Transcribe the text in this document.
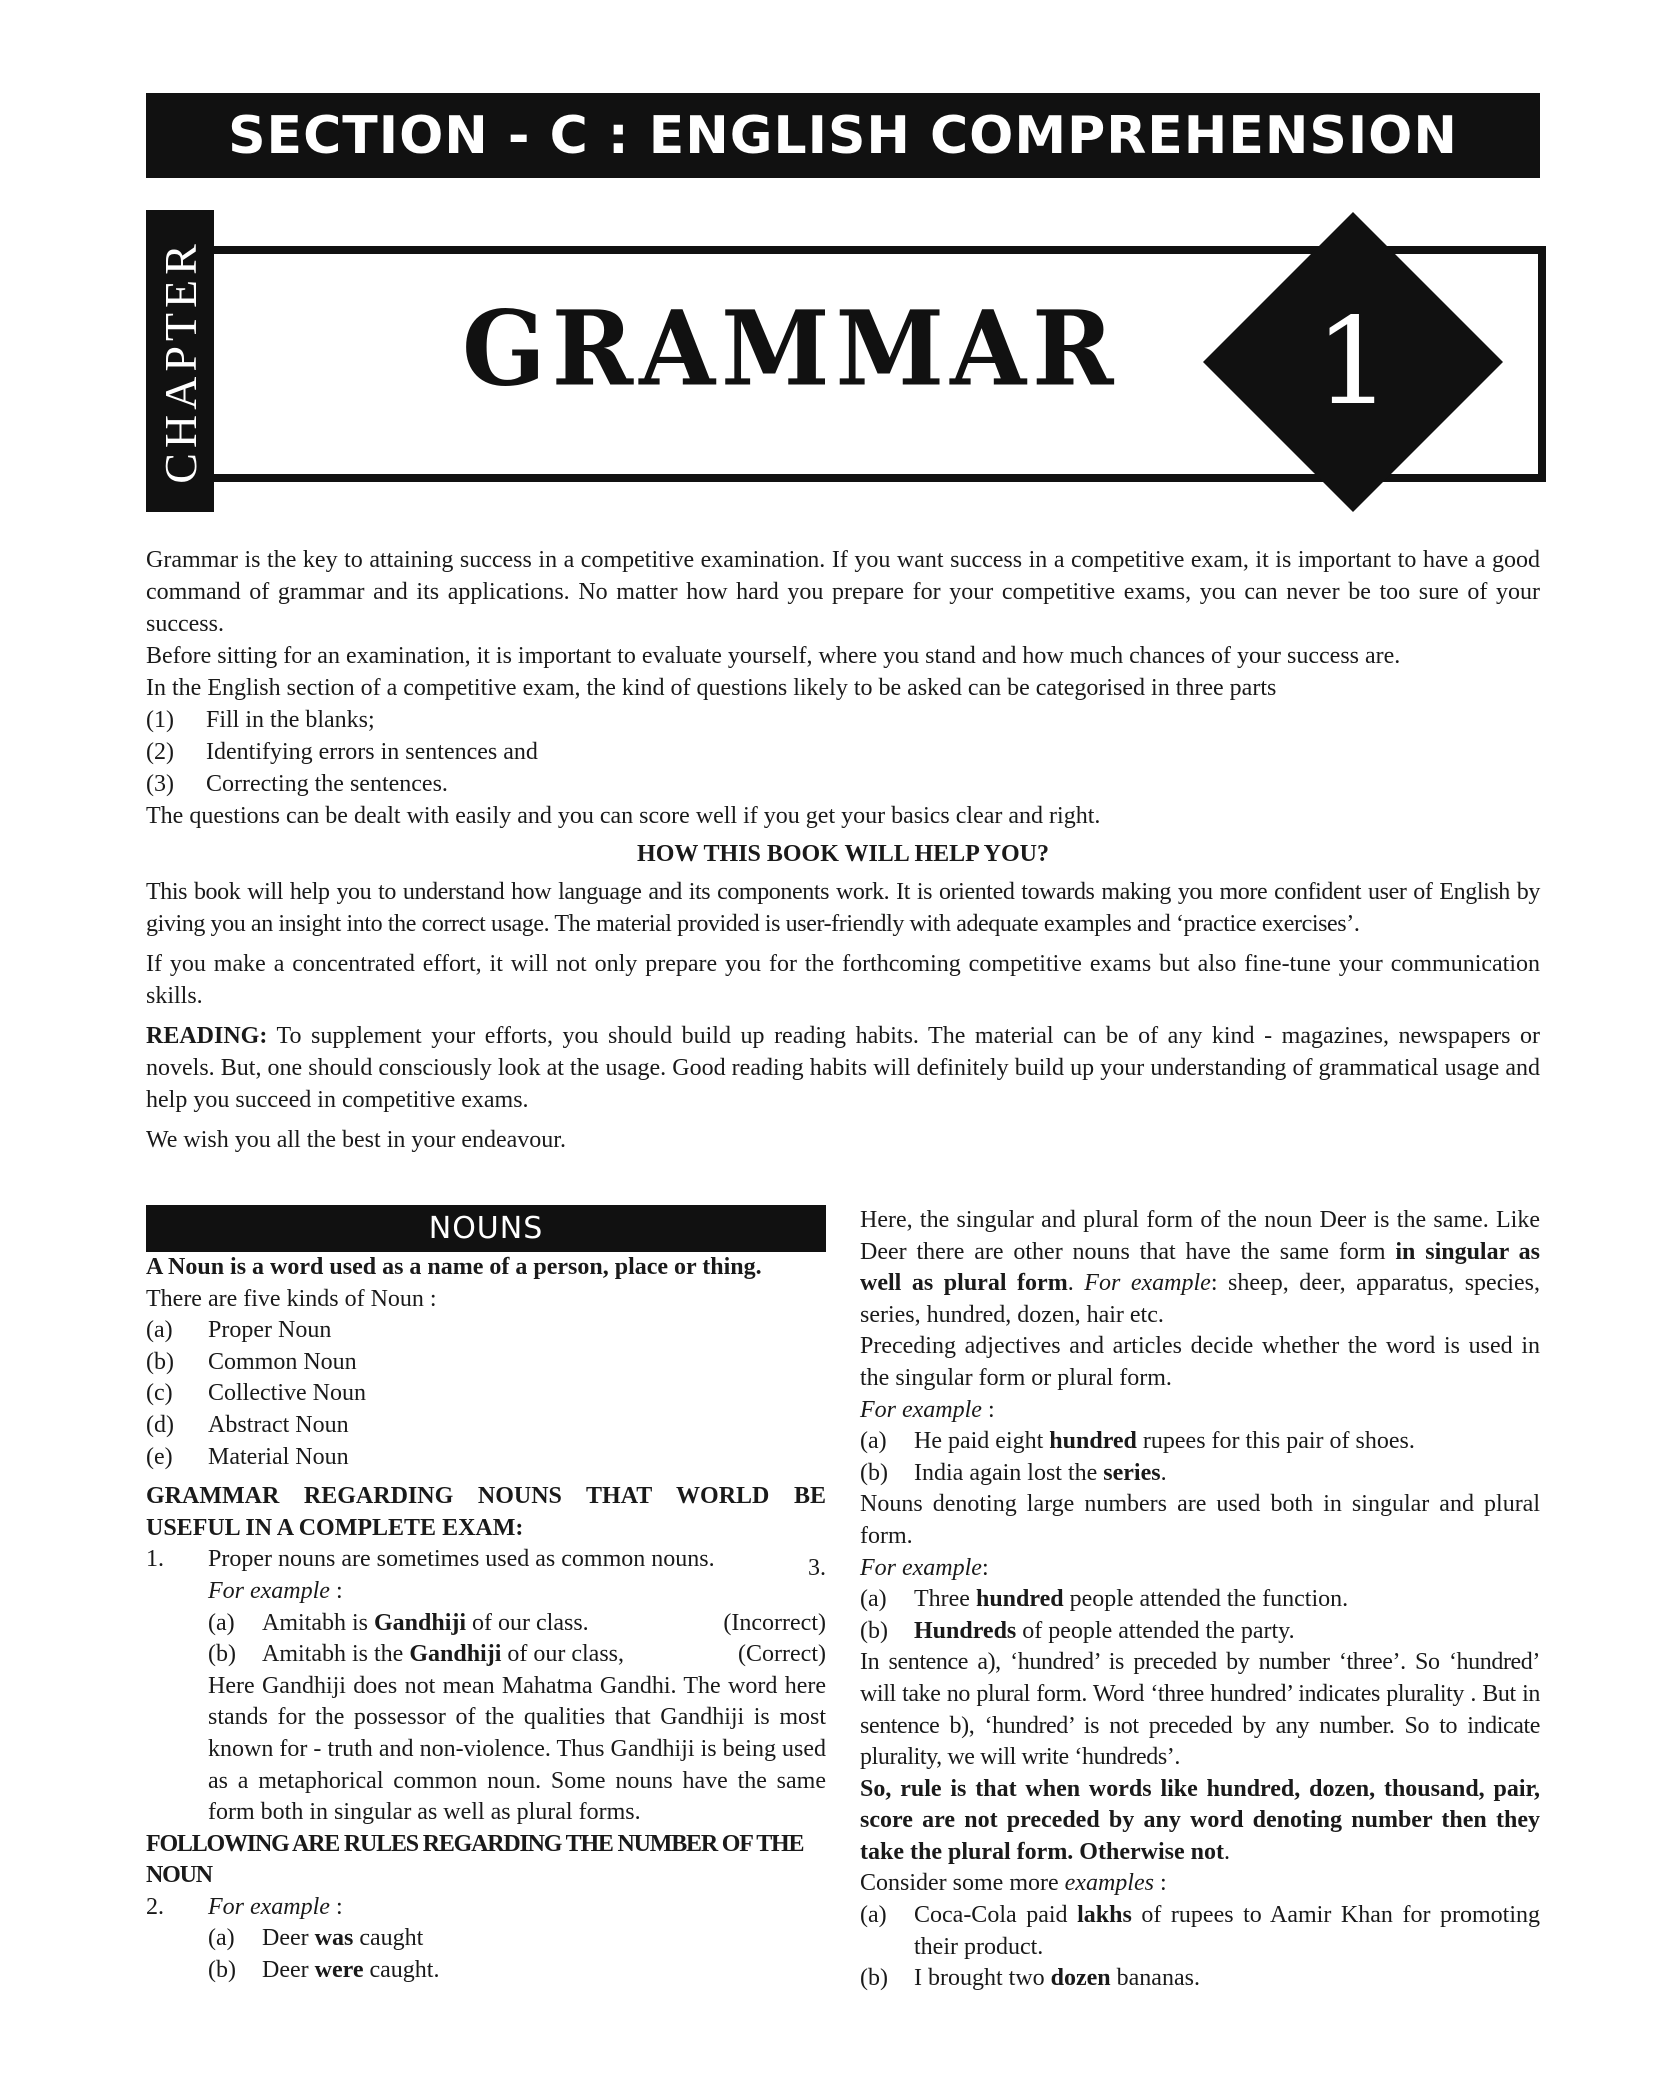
SECTION - C : ENGLISH COMPREHENSION
CHAPTER	GRAMMAR	1

Grammar is the key to attaining success in a competitive examination. If you want success in a competitive exam, it is important to have a good command of grammar and its applications. No matter how hard you prepare for your competitive exams, you can never be too sure of your success.

Before sitting for an examination, it is important to evaluate yourself, where you stand and how much chances of your success are.

In the English section of a competitive exam, the kind of questions likely to be asked can be categorised in three parts

(1)	Fill in the blanks;
(2)	Identifying errors in sentences and
(3)	Correcting the sentences.

The questions can be dealt with easily and you can score well if you get your basics clear and right.

HOW THIS BOOK WILL HELP YOU?

This book will help you to understand how language and its components work. It is oriented towards making you more confident user of English by giving you an insight into the correct usage. The material provided is user-friendly with adequate examples and ‘practice exercises’.

If you make a concentrated effort, it will not only prepare you for the forthcoming competitive exams but also fine-tune your communication skills.

READING: To supplement your efforts, you should build up reading habits. The material can be of any kind - magazines, newspapers or novels. But, one should consciously look at the usage. Good reading habits will definitely build up your understanding of grammatical usage and help you succeed in competitive exams.

We wish you all the best in your endeavour.

NOUNS
A Noun is a word used as a name of a person, place or thing.
There are five kinds of Noun :
(a)	Proper Noun
(b)	Common Noun
(c)	Collective Noun
(d)	Abstract Noun
(e)	Material Noun
GRAMMAR REGARDING NOUNS THAT WORLD BE USEFUL IN A COMPLETE EXAM:
1.	Proper nouns are sometimes used as common nouns.
For example :
(a)	Amitabh is Gandhiji of our class.	(Incorrect)
(b)	Amitabh is the Gandhiji of our class,	(Correct)
Here Gandhiji does not mean Mahatma Gandhi. The word here stands for the possessor of the qualities that Gandhiji is most known for - truth and non-violence. Thus Gandhiji is being used as a metaphorical common noun. Some nouns have the same form both in singular as well as plural forms.
FOLLOWING ARE RULES REGARDING THE NUMBER OF THE NOUN
2.	For example :
(a)	Deer was caught
(b)	Deer were caught.
Here, the singular and plural form of the noun Deer is the same. Like Deer there are other nouns that have the same form in singular as well as plural form. For example: sheep, deer, apparatus, species, series, hundred, dozen, hair etc.
Preceding adjectives and articles decide whether the word is used in the singular form or plural form.
For example :
(a)	He paid eight hundred rupees for this pair of shoes.
(b)	India again lost the series.
Nouns denoting large numbers are used both in singular and plural form.
3. For example:
(a)	Three hundred people attended the function.
(b)	Hundreds of people attended the party.
In sentence a), ‘hundred’ is preceded by number ‘three’. So ‘hundred’ will take no plural form. Word ‘three hundred’ indicates plurality . But in sentence b), ‘hundred’ is not preceded by any number. So to indicate plurality, we will write ‘hundreds’.
So, rule is that when words like hundred, dozen, thousand, pair, score are not preceded by any word denoting number then they take the plural form. Otherwise not.
Consider some more examples :
(a)	Coca-Cola paid lakhs of rupees to Aamir Khan for promoting their product.
(b)	I brought two dozen bananas.
